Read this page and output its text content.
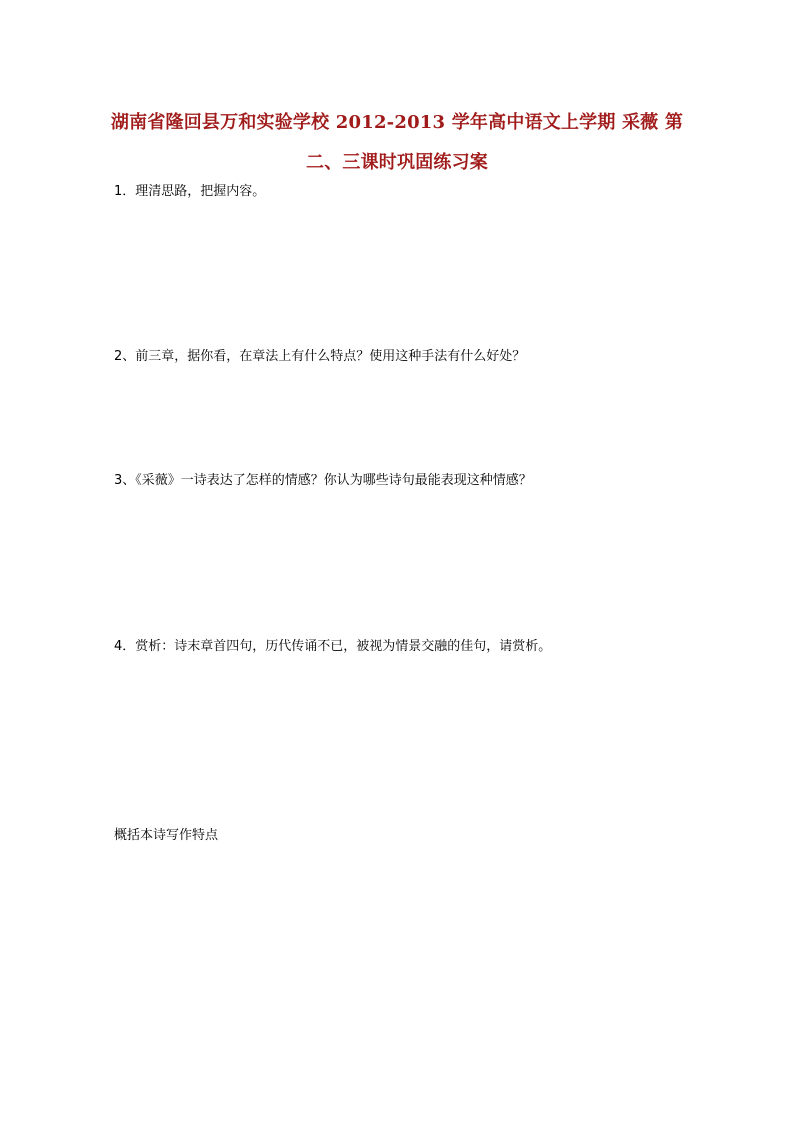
湖南省隆回县万和实验学校 2012-2013 学年高中语文上学期 采薇 第
二、三课时巩固练习案
1．理清思路，把握内容。
2、前三章，据你看，在章法上有什么特点？使用这种手法有什么好处？
3、《采薇》一诗表达了怎样的情感？你认为哪些诗句最能表现这种情感？
4．赏析：诗末章首四句，历代传诵不已，被视为情景交融的佳句，请赏析。
概括本诗写作特点
